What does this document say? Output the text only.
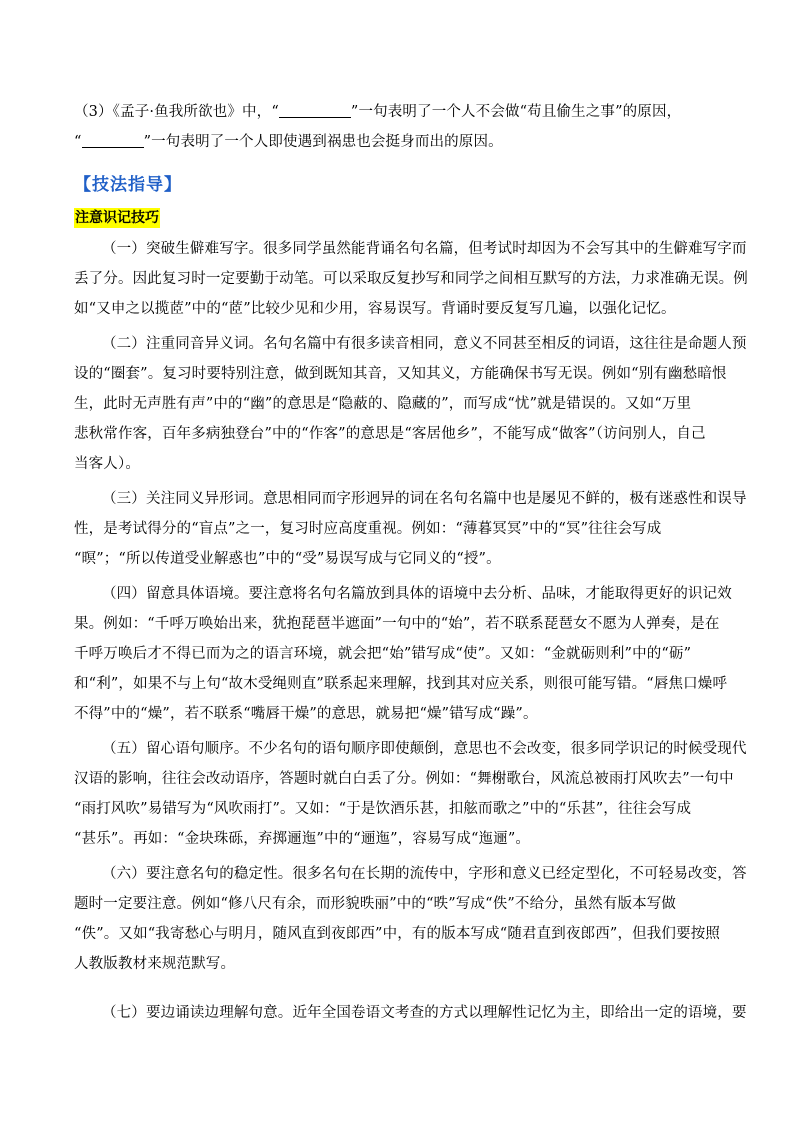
（3）《孟子·鱼我所欲也》中，“	”一句表明了一个人不会做“苟且偷生之事”的原因，
“	”一句表明了一个人即使遇到祸患也会挺身而出的原因。
【技法指导】
注意识记技巧
（一）突破生僻难写字。很多同学虽然能背诵名句名篇，但考试时却因为不会写其中的生僻难写字而
丢了分。因此复习时一定要勤于动笔。可以采取反复抄写和同学之间相互默写的方法，力求准确无误。例
如“又申之以揽茝”中的“茝”比较少见和少用，容易误写。背诵时要反复写几遍，以强化记忆。
（二）注重同音异义词。名句名篇中有很多读音相同，意义不同甚至相反的词语，这往往是命题人预
设的“圈套”。复习时要特别注意，做到既知其音，又知其义，方能确保书写无误。例如“别有幽愁暗恨
生，此时无声胜有声”中的“幽”的意思是“隐蔽的、隐藏的”，而写成“忧”就是错误的。又如“万里
悲秋常作客，百年多病独登台”中的“作客”的意思是“客居他乡”，不能写成“做客”（访问别人，自己
当客人）。
（三）关注同义异形词。意思相同而字形迥异的词在名句名篇中也是屡见不鲜的，极有迷惑性和误导
性，是考试得分的“盲点”之一，复习时应高度重视。例如：“薄暮冥冥”中的“冥”往往会写成
“暝”；“所以传道受业解惑也”中的“受”易误写成与它同义的“授”。
（四）留意具体语境。要注意将名句名篇放到具体的语境中去分析、品味，才能取得更好的识记效
果。例如：“千呼万唤始出来，犹抱琵琶半遮面”一句中的“始”，若不联系琵琶女不愿为人弹奏，是在
千呼万唤后才不得已而为之的语言环境，就会把“始”错写成“使”。又如：“金就砺则利”中的“砺”
和“利”，如果不与上句“故木受绳则直”联系起来理解，找到其对应关系，则很可能写错。“唇焦口燥呼
不得”中的“燥”，若不联系“嘴唇干燥”的意思，就易把“燥”错写成“躁”。
（五）留心语句顺序。不少名句的语句顺序即使颠倒，意思也不会改变，很多同学识记的时候受现代
汉语的影响，往往会改动语序，答题时就白白丢了分。例如：“舞榭歌台，风流总被雨打风吹去”一句中
“雨打风吹”易错写为“风吹雨打”。又如：“于是饮酒乐甚，扣舷而歌之”中的“乐甚”，往往会写成
“甚乐”。再如：“金块珠砾，弃掷逦迤”中的“逦迤”，容易写成“迤逦”。
（六）要注意名句的稳定性。很多名句在长期的流传中，字形和意义已经定型化，不可轻易改变，答
题时一定要注意。例如“修八尺有余，而形貌昳丽”中的“昳”写成“佚”不给分，虽然有版本写做
“佚”。又如“我寄愁心与明月，随风直到夜郎西”中，有的版本写成“随君直到夜郎西”，但我们要按照
人教版教材来规范默写。
（七）要边诵读边理解句意。近年全国卷语文考查的方式以理解性记忆为主，即给出一定的语境，要
